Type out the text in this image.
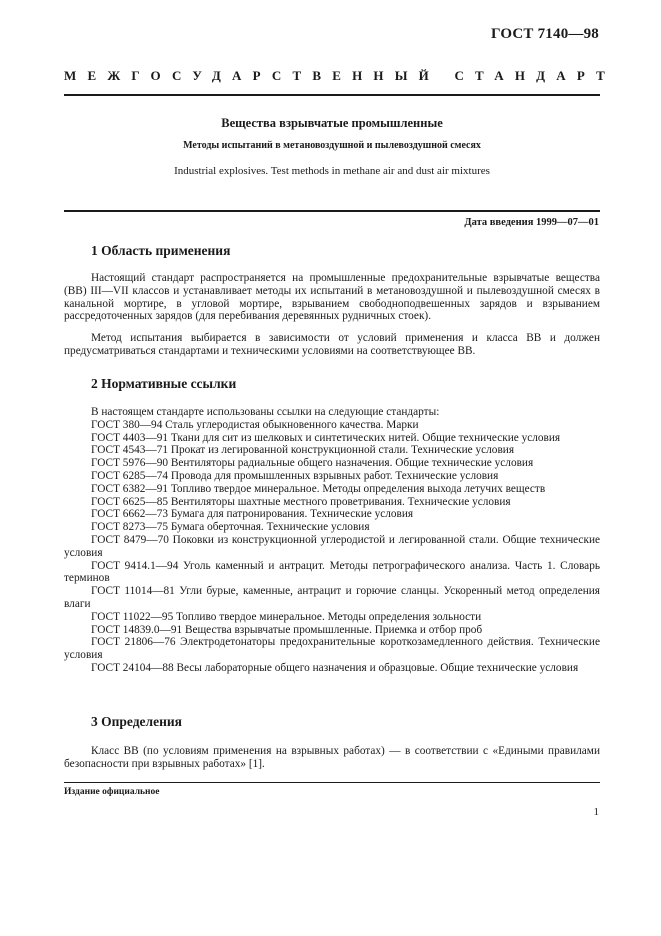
ГОСТ 7140—98
МЕЖГОСУДАРСТВЕННЫЙ СТАНДАРТ
Вещества взрывчатые промышленные
Методы испытаний в метановоздушной и пылевоздушной смесях
Industrial explosives. Test methods in methane air and dust air mixtures
Дата введения 1999—07—01
1 Область применения

Настоящий стандарт распространяется на промышленные предохранительные взрывчатые вещества (ВВ) III—VII классов и устанавливает методы их испытаний в метановоздушной и пылевоздушной смесях в канальной мортире, в угловой мортире, взрыванием свободноподвешенных зарядов и взрыванием рассредоточенных зарядов (для перебивания деревянных рудничных стоек).

Метод испытания выбирается в зависимости от условий применения и класса ВВ и должен предусматриваться стандартами и техническими условиями на соответствующее ВВ.

2 Нормативные ссылки

В настоящем стандарте использованы ссылки на следующие стандарты:

ГОСТ 380—94 Сталь углеродистая обыкновенного качества. Марки

ГОСТ 4403—91 Ткани для сит из шелковых и синтетических нитей. Общие технические условия

ГОСТ 4543—71 Прокат из легированной конструкционной стали. Технические условия

ГОСТ 5976—90 Вентиляторы радиальные общего назначения. Общие технические условия

ГОСТ 6285—74 Провода для промышленных взрывных работ. Технические условия

ГОСТ 6382—91 Топливо твердое минеральное. Методы определения выхода летучих веществ

ГОСТ 6625—85 Вентиляторы шахтные местного проветривания. Технические условия

ГОСТ 6662—73 Бумага для патронирования. Технические условия

ГОСТ 8273—75 Бумага оберточная. Технические условия

ГОСТ 8479—70 Поковки из конструкционной углеродистой и легированной стали. Общие технические условия

ГОСТ 9414.1—94 Уголь каменный и антрацит. Методы петрографического анализа. Часть 1. Словарь терминов

ГОСТ 11014—81 Угли бурые, каменные, антрацит и горючие сланцы. Ускоренный метод определения влаги

ГОСТ 11022—95 Топливо твердое минеральное. Методы определения зольности

ГОСТ 14839.0—91 Вещества взрывчатые промышленные. Приемка и отбор проб

ГОСТ 21806—76 Электродетонаторы предохранительные короткозамедленного действия. Технические условия

ГОСТ 24104—88 Весы лабораторные общего назначения и образцовые. Общие технические условия

3 Определения

Класс ВВ (по условиям применения на взрывных работах) — в соответствии с «Едиными правилами безопасности при взрывных работах» [1].

Издание официальное
1
